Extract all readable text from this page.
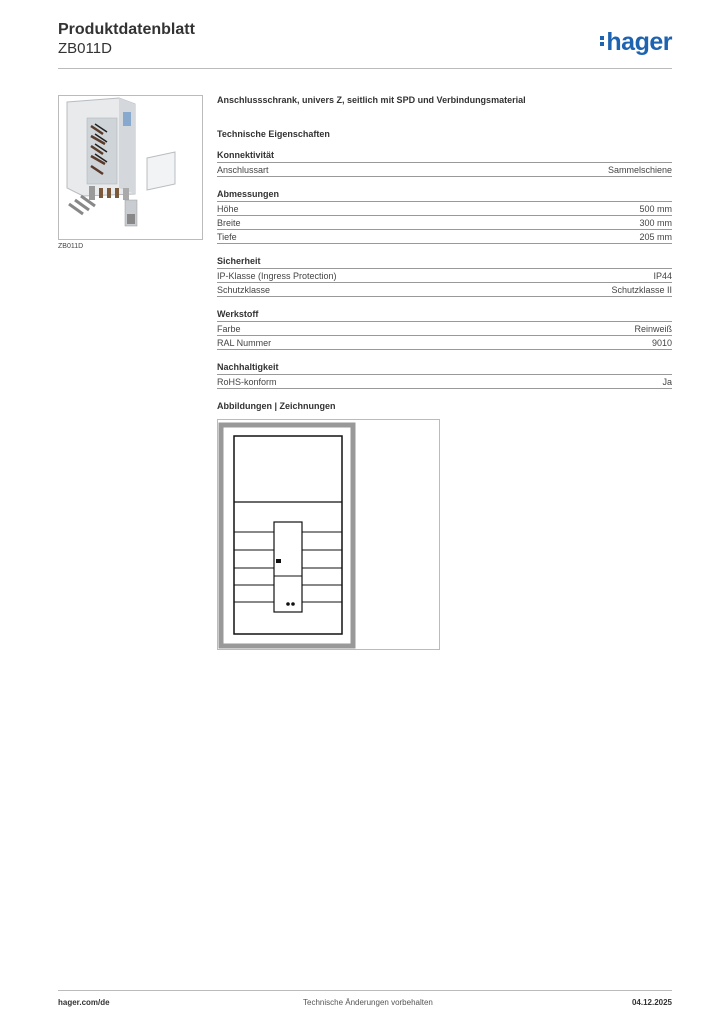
Produktdatenblatt
ZB011D	hager
ZB011D
Anschlussschrank, univers Z, seitlich mit SPD und Verbindungsmaterial
Technische Eigenschaften
Konnektivität
Anschlussart	Sammelschiene
Abmessungen
Höhe	500 mm
Breite	300 mm
Tiefe	205 mm
Sicherheit
IP-Klasse (Ingress Protection)	IP44
Schutzklasse	Schutzklasse II
Werkstoff
Farbe	Reinweiß
RAL Nummer	9010
Nachhaltigkeit
RoHS-konform	Ja
Abbildungen | Zeichnungen
hager.com/de	Technische Änderungen vorbehalten	04.12.2025
